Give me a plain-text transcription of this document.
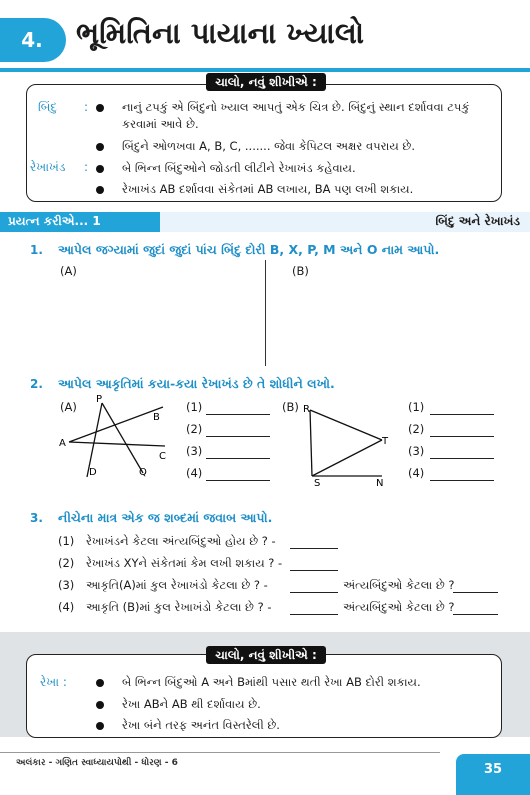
4. ભૂમિતિના પાયાના ખ્યાલો
ચાલો, નવું શીખીએ :
બિંદુ :	નાનું ટપકું એ બિંદુનો ખ્યાલ આપતું એક ચિત્ર છે. બિંદુનું સ્થાન દર્શાવવા ટપકું
કરવામાં આવે છે.
બિંદુને ઓળખવા A, B, C, ....... જેવા કેપિટલ અક્ષર વપરાય છે.
રેખાખંડ :	બે ભિન્ન બિંદુઓને જોડતી લીટીને રેખાખંડ કહેવાય.
રેખાખંડ AB દર્શાવવા સંકેતમાં AB લખાય, BA પણ લખી શકાય.
પ્રયત્ન કરીએ... 1	બિંદુ અને રેખાખંડ
1. આપેલ જગ્યામાં જુદાં જુદાં પાંચ બિંદુ દોરી B, X, P, M અને O નામ આપો.
(A)	(B)
2. આપેલ આકૃતિમાં કયા-કયા રેખાખંડ છે તે શોધીને લખો.
(A)	(B)
P
B
A
C
D	Q
(1)
(2)
(3)
(4)
(1)
(2)
(3)
(4)
R
T
S	N
3. નીચેના માત્ર એક જ શબ્દમાં જવાબ આપો.
(1) રેખાખંડને કેટલા અંત્યબિંદુઓ હોય છે ? -
(2) રેખાખંડ XYને સંકેતમાં કેમ લખી શકાય ? -
(3) આકૃતિ(A)માં કુલ રેખાખંડો કેટલા છે ? -	અંત્યબિંદુઓ કેટલા છે ?
(4) આકૃતિ (B)માં કુલ રેખાખંડો કેટલા છે ? -	અંત્યબિંદુઓ કેટલા છે ?
ચાલો, નવું શીખીએ :
રેખા :	બે ભિન્ન બિંદુઓ A અને Bમાંથી પસાર થતી રેખા AB દોરી શકાય.
રેખા ABને AB થી દર્શાવાય છે.
રેખા બંને તરફ અનંત વિસ્તરેલી છે.
અલંકાર - ગણિત સ્વાધ્યાયપોથી - ધોરણ - 6	35
